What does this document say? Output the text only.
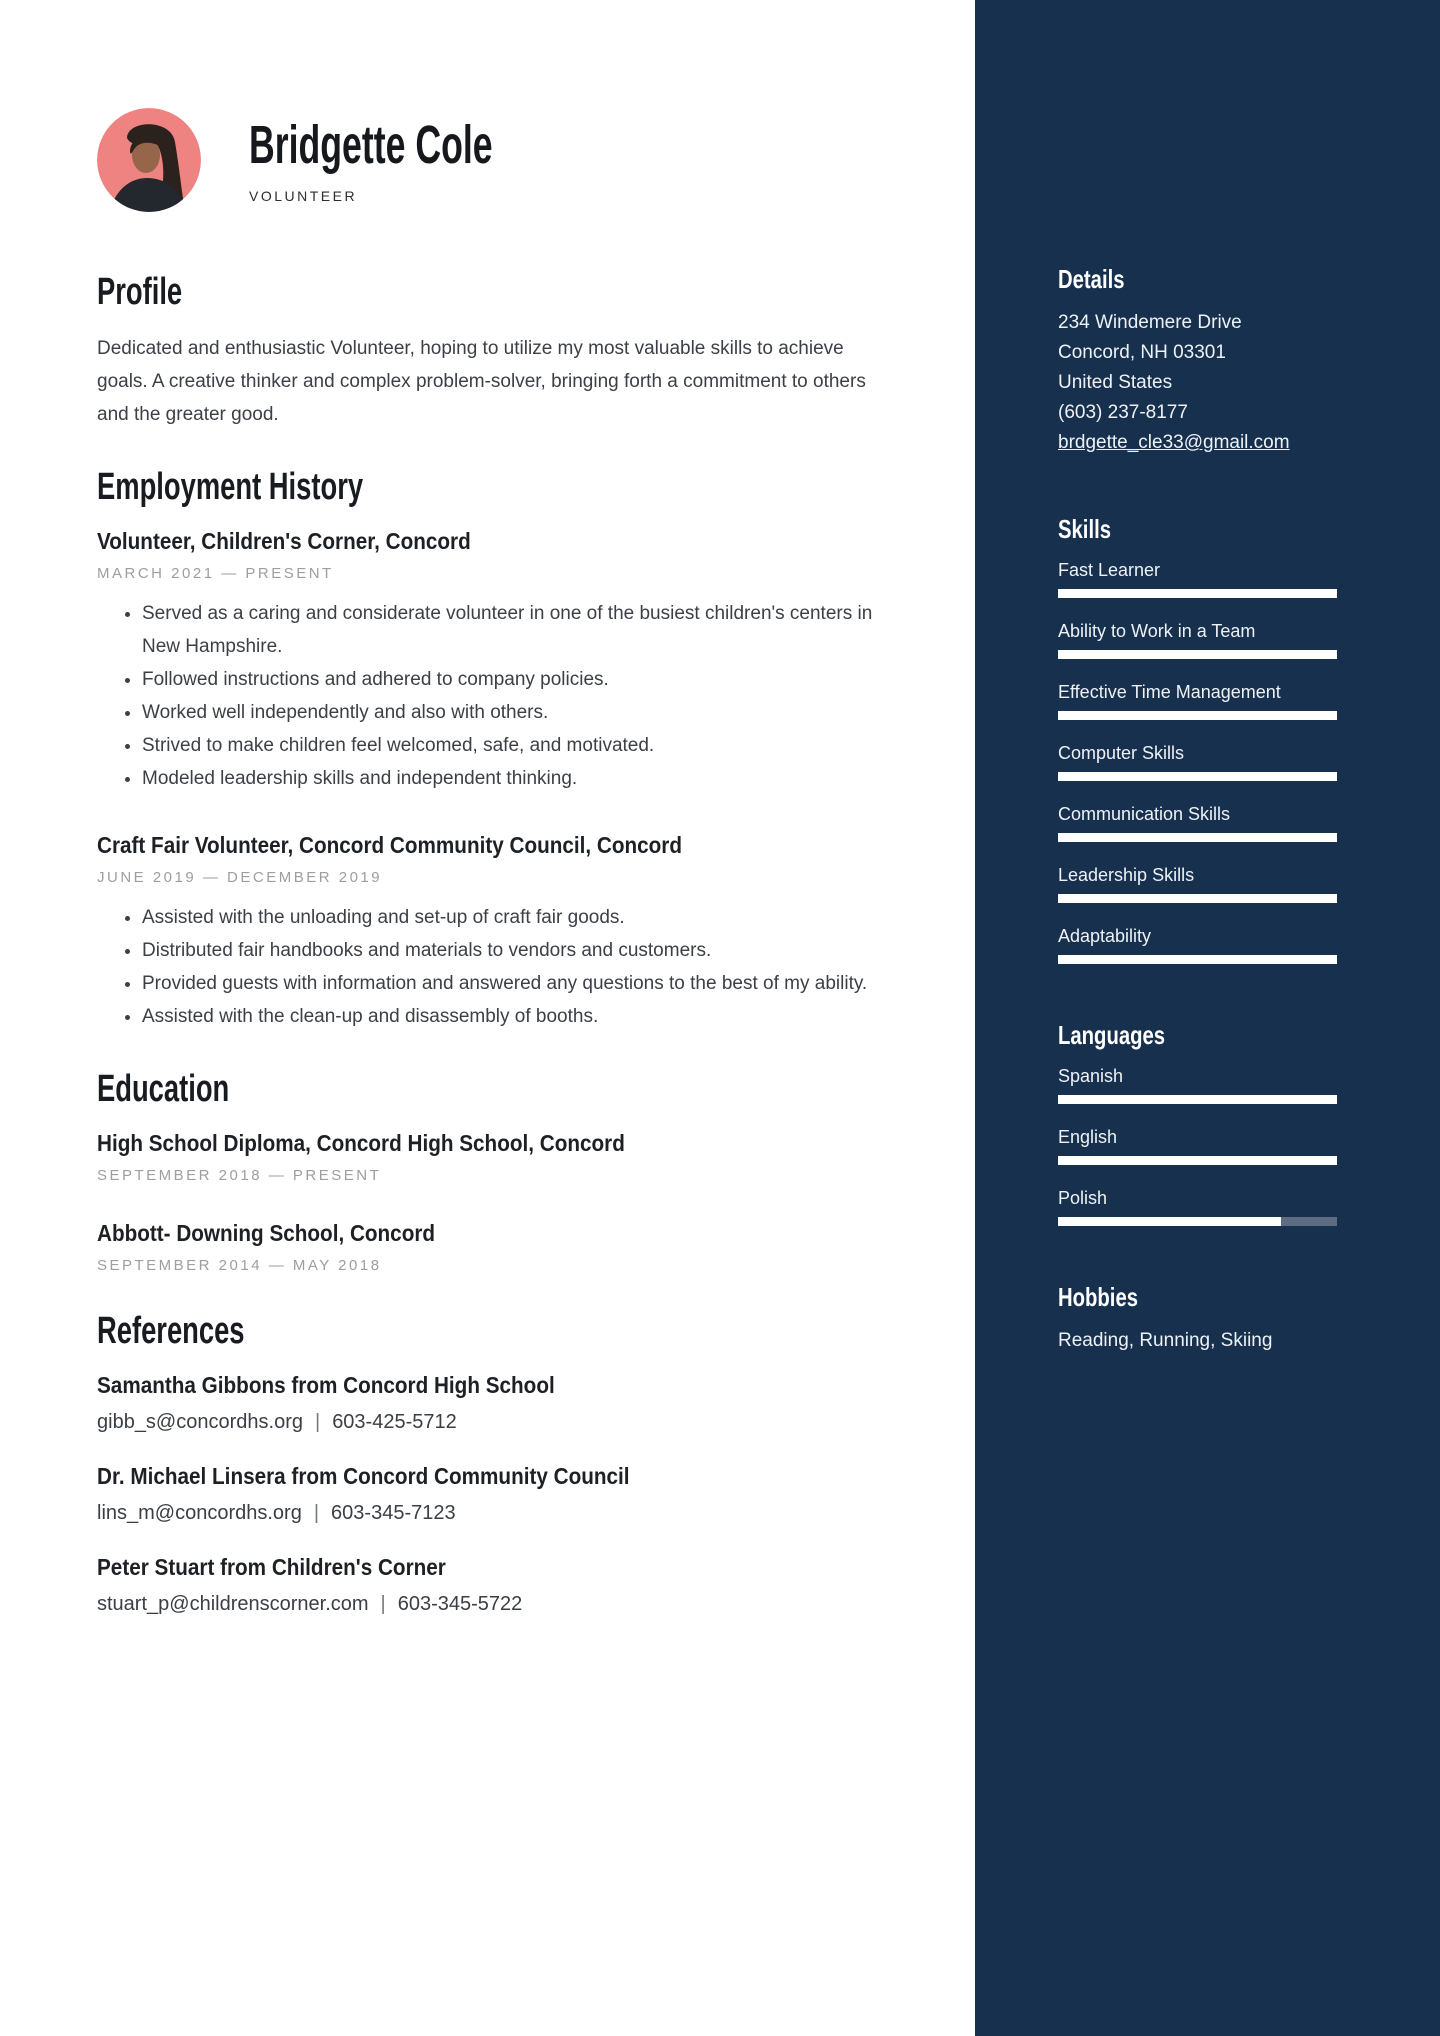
Bridgette Cole
VOLUNTEER
Profile

Dedicated and enthusiastic Volunteer, hoping to utilize my most valuable skills to achieve goals. A creative thinker and complex problem-solver, bringing forth a commitment to others and the greater good.

Employment History
Volunteer, Children's Corner, Concord
MARCH 2021 — PRESENT
• Served as a caring and considerate volunteer in one of the busiest children's centers in New Hampshire.
• Followed instructions and adhered to company policies.
• Worked well independently and also with others.
• Strived to make children feel welcomed, safe, and motivated.
• Modeled leadership skills and independent thinking.
Craft Fair Volunteer, Concord Community Council, Concord
JUNE 2019 — DECEMBER 2019
• Assisted with the unloading and set-up of craft fair goods.
• Distributed fair handbooks and materials to vendors and customers.
• Provided guests with information and answered any questions to the best of my ability.
• Assisted with the clean-up and disassembly of booths.
Education
High School Diploma, Concord High School, Concord
SEPTEMBER 2018 — PRESENT
Abbott- Downing School, Concord
SEPTEMBER 2014 — MAY 2018
References
Samantha Gibbons from Concord High School
gibb_s@concordhs.org | 603-425-5712
Dr. Michael Linsera from Concord Community Council
lins_m@concordhs.org | 603-345-7123
Peter Stuart from Children's Corner
stuart_p@childrenscorner.com | 603-345-5722
Details
234 Windemere Drive
Concord, NH 03301
United States
(603) 237-8177
brdgette_cle33@gmail.com
Skills
Fast Learner
Ability to Work in a Team
Effective Time Management
Computer Skills
Communication Skills
Leadership Skills
Adaptability
Languages
Spanish
English
Polish
Hobbies
Reading, Running, Skiing
